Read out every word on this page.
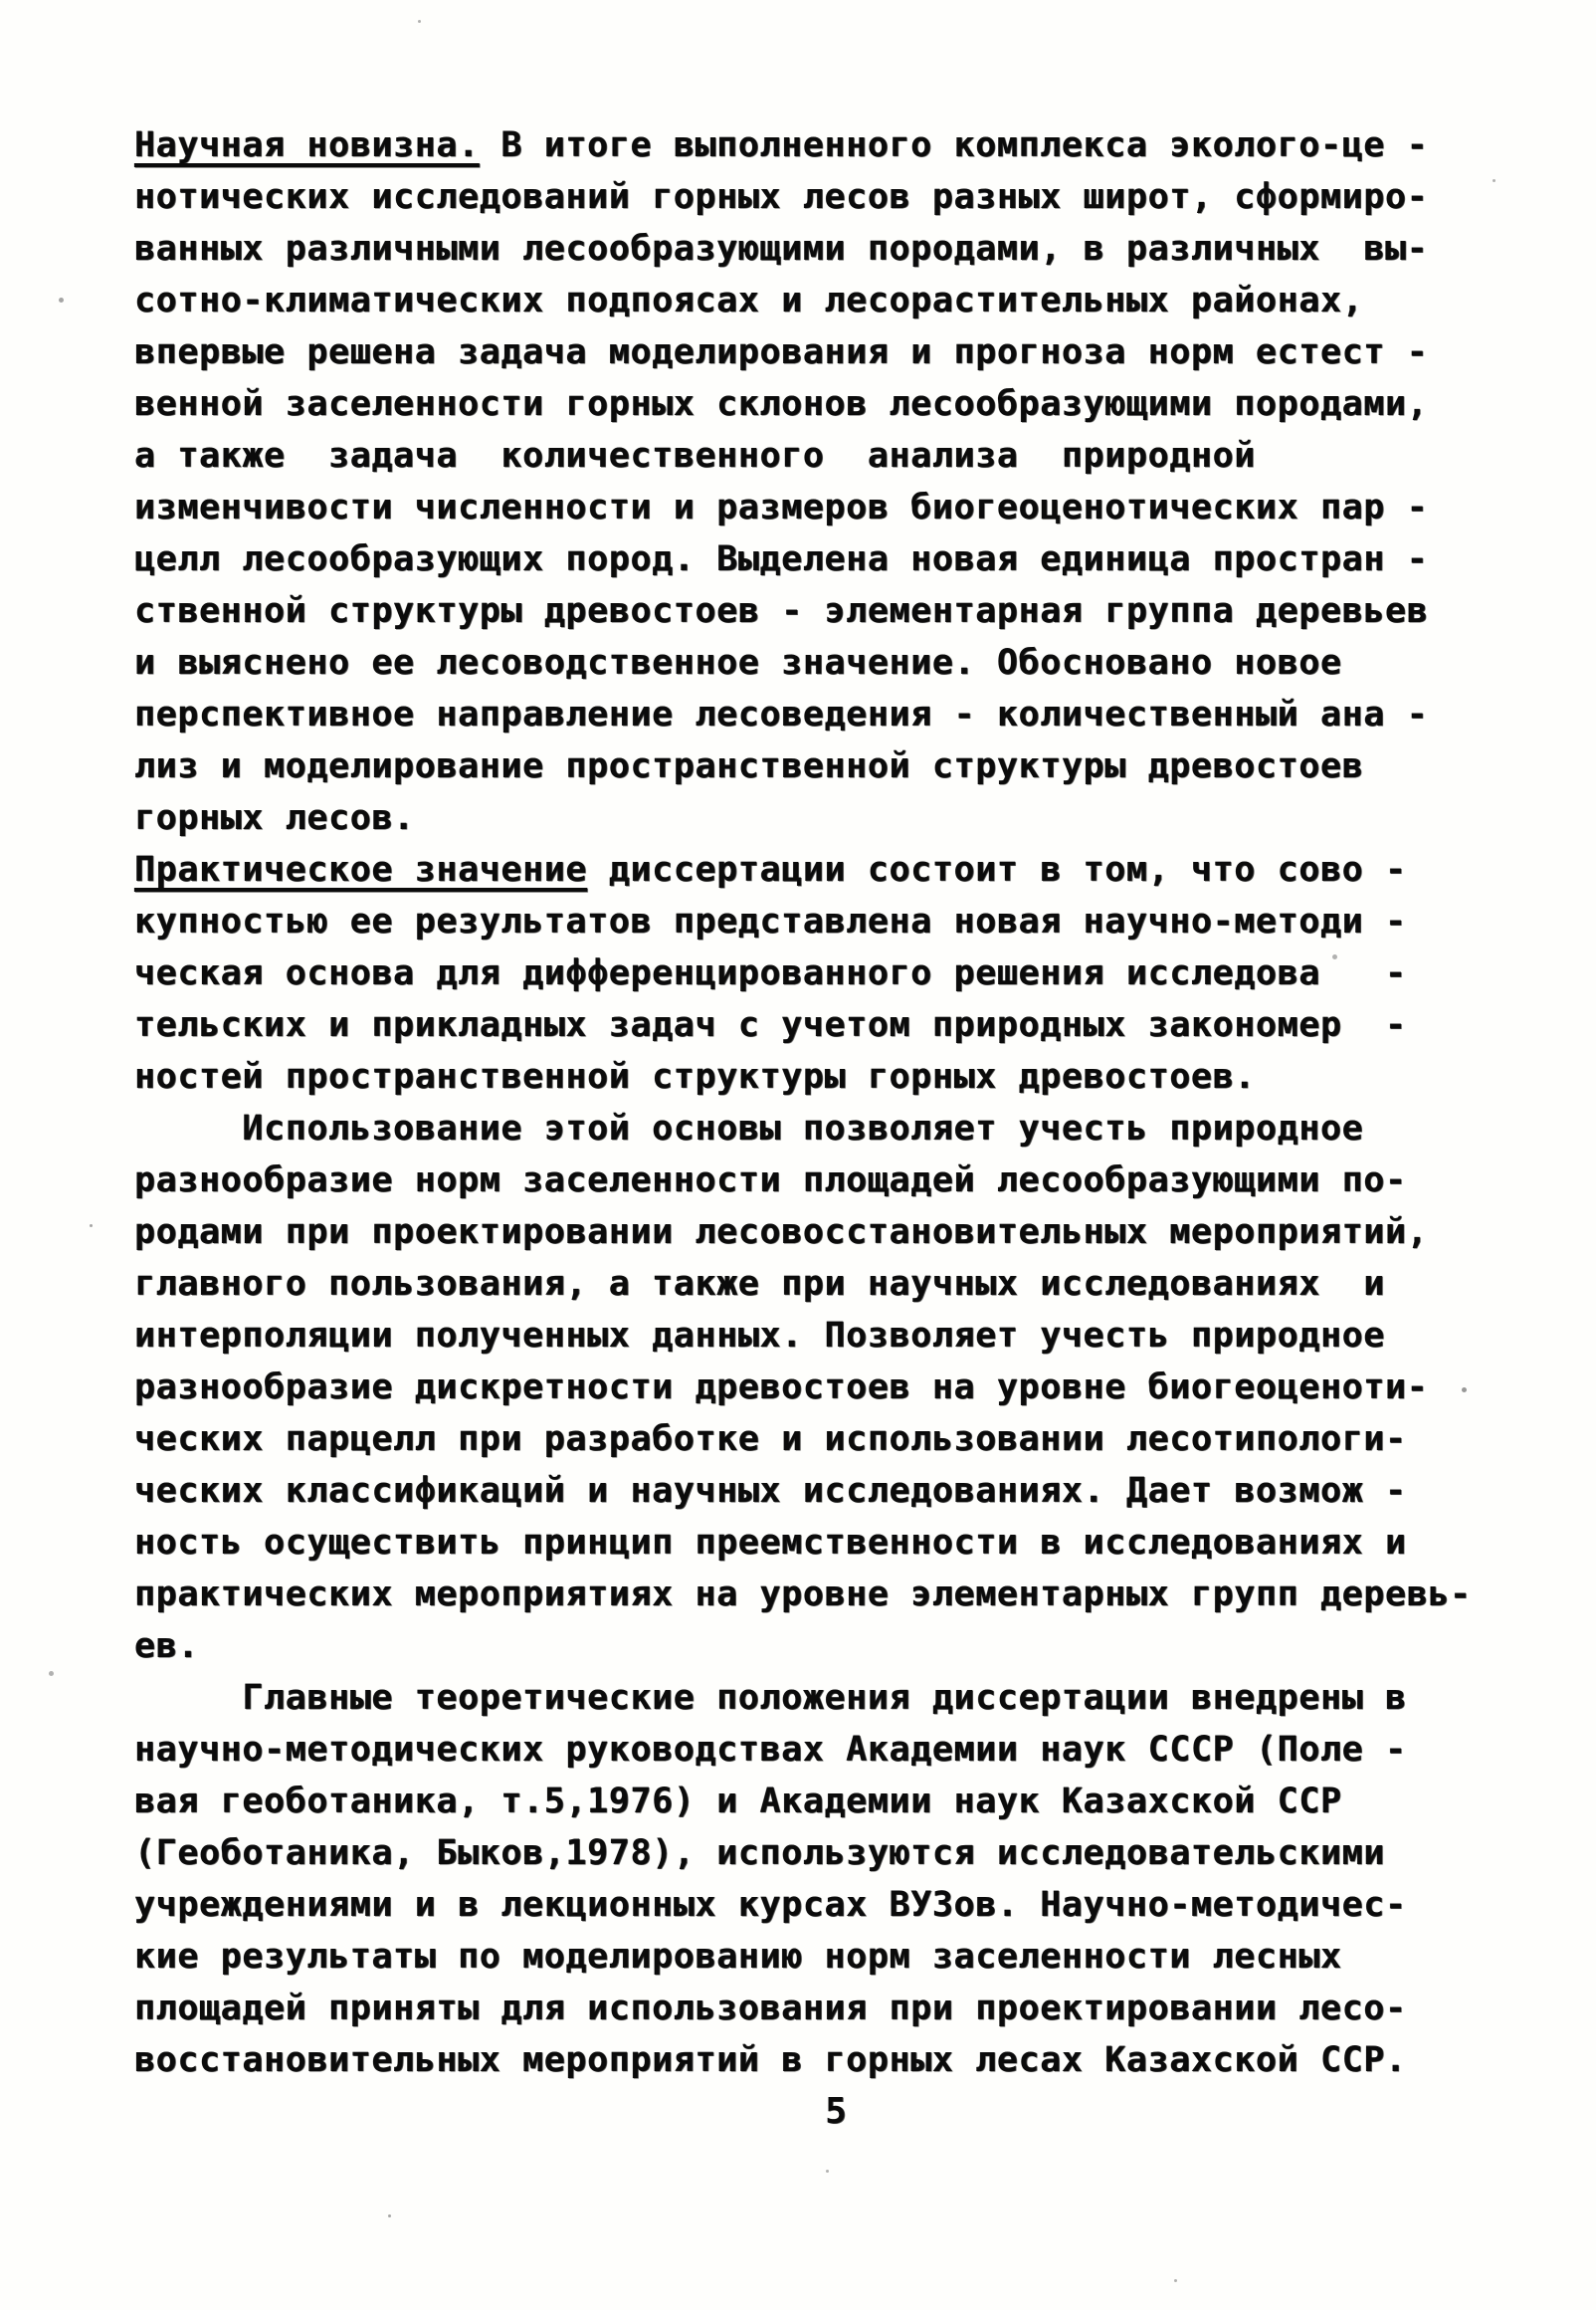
Научная новизна. В итоге выполненного комплекса эколого-це -
нотических исследований горных лесов разных широт, сформиро-
ванных различными лесообразующими породами, в различных  вы-
сотно-климатических подпоясах и лесорастительных районах,
впервые решена задача моделирования и прогноза норм естест -
венной заселенности горных склонов лесообразующими породами,
а также  задача  количественного  анализа  природной
изменчивости численности и размеров биогеоценотических пар -
целл лесообразующих пород. Выделена новая единица простран -
ственной структуры древостоев - элементарная группа деревьев
и выяснено ее лесоводственное значение. Обосновано новое
перспективное направление лесоведения - количественный ана -
лиз и моделирование пространственной структуры древостоев
горных лесов.
Практическое значение диссертации состоит в том, что сово -
купностью ее результатов представлена новая научно-методи -
ческая основа для дифференцированного решения исследова   -
тельских и прикладных задач с учетом природных закономер  -
ностей пространственной структуры горных древостоев.
Использование этой основы позволяет учесть природное
разнообразие норм заселенности площадей лесообразующими по-
родами при проектировании лесовосстановительных мероприятий,
главного пользования, а также при научных исследованиях  и
интерполяции полученных данных. Позволяет учесть природное
разнообразие дискретности древостоев на уровне биогеоценоти-
ческих парцелл при разработке и использовании лесотипологи-
ческих классификаций и научных исследованиях. Дает возмож -
ность осуществить принцип преемственности в исследованиях и
практических мероприятиях на уровне элементарных групп деревь-
ев.
Главные теоретические положения диссертации внедрены в
научно-методических руководствах Академии наук СССР (Поле -
вая геоботаника, т.5,1976) и Академии наук Казахской ССР
(Геоботаника, Быков,1978), используются исследовательскими
учреждениями и в лекционных курсах ВУЗов. Научно-методичес-
кие результаты по моделированию норм заселенности лесных
площадей приняты для использования при проектировании лесо-
восстановительных мероприятий в горных лесах Казахской ССР.
5
